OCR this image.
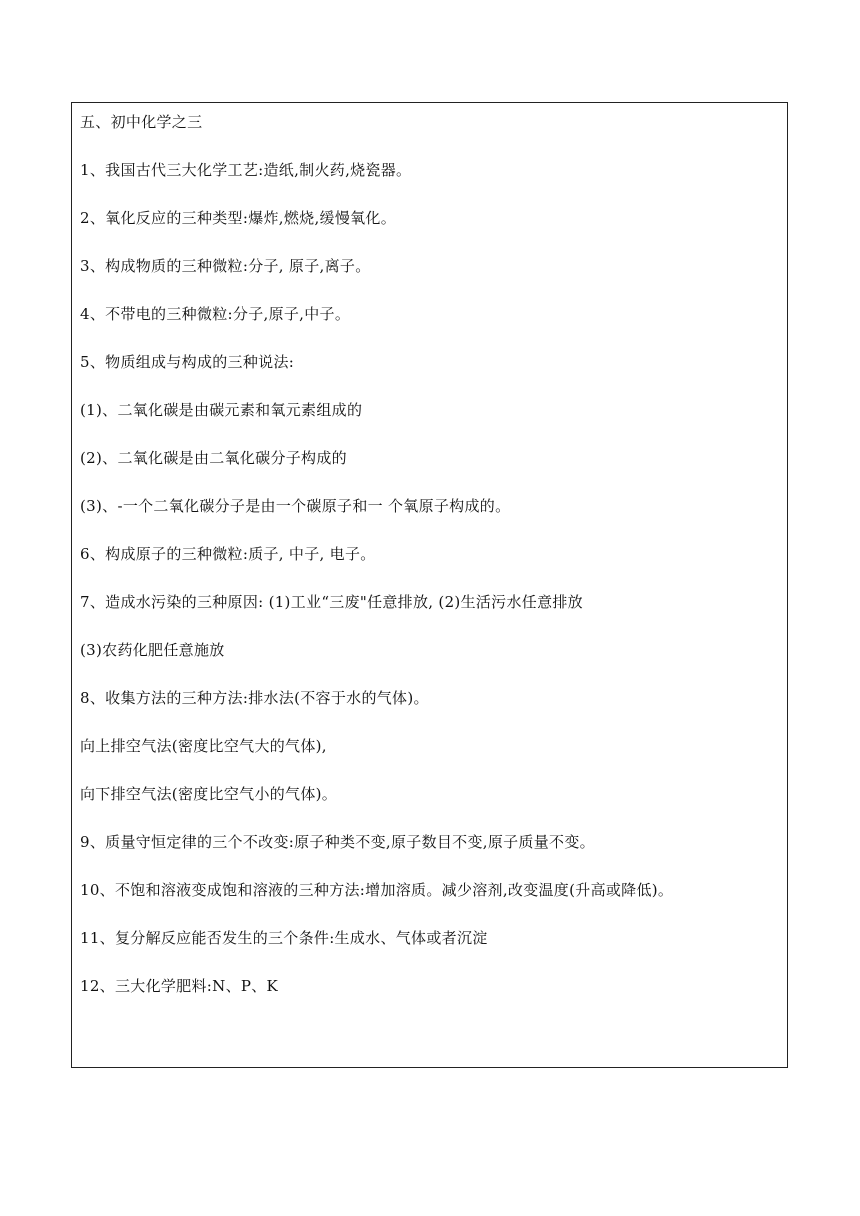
五、初中化学之三
1、我国古代三大化学工艺:造纸,制火药,烧瓷器。
2、氧化反应的三种类型:爆炸,燃烧,缓慢氧化。
3、构成物质的三种微粒:分子, 原子,离子。
4、不带电的三种微粒:分子,原子,中子。
5、物质组成与构成的三种说法:
(1)、二氧化碳是由碳元素和氧元素组成的
(2)、二氧化碳是由二氧化碳分子构成的
(3)、-一个二氧化碳分子是由一个碳原子和一 个氧原子构成的。
6、构成原子的三种微粒:质子, 中子, 电子。
7、造成水污染的三种原因: (1)工业“三废"任意排放, (2)生活污水任意排放
(3)农药化肥任意施放
8、收集方法的三种方法:排水法(不容于水的气体)。
向上排空气法(密度比空气大的气体),
向下排空气法(密度比空气小的气体)。
9、质量守恒定律的三个不改变:原子种类不变,原子数目不变,原子质量不变。
10、不饱和溶液变成饱和溶液的三种方法:增加溶质。减少溶剂,改变温度(升高或降低)。
11、复分解反应能否发生的三个条件:生成水、气体或者沉淀
12、三大化学肥料:N、P、K
